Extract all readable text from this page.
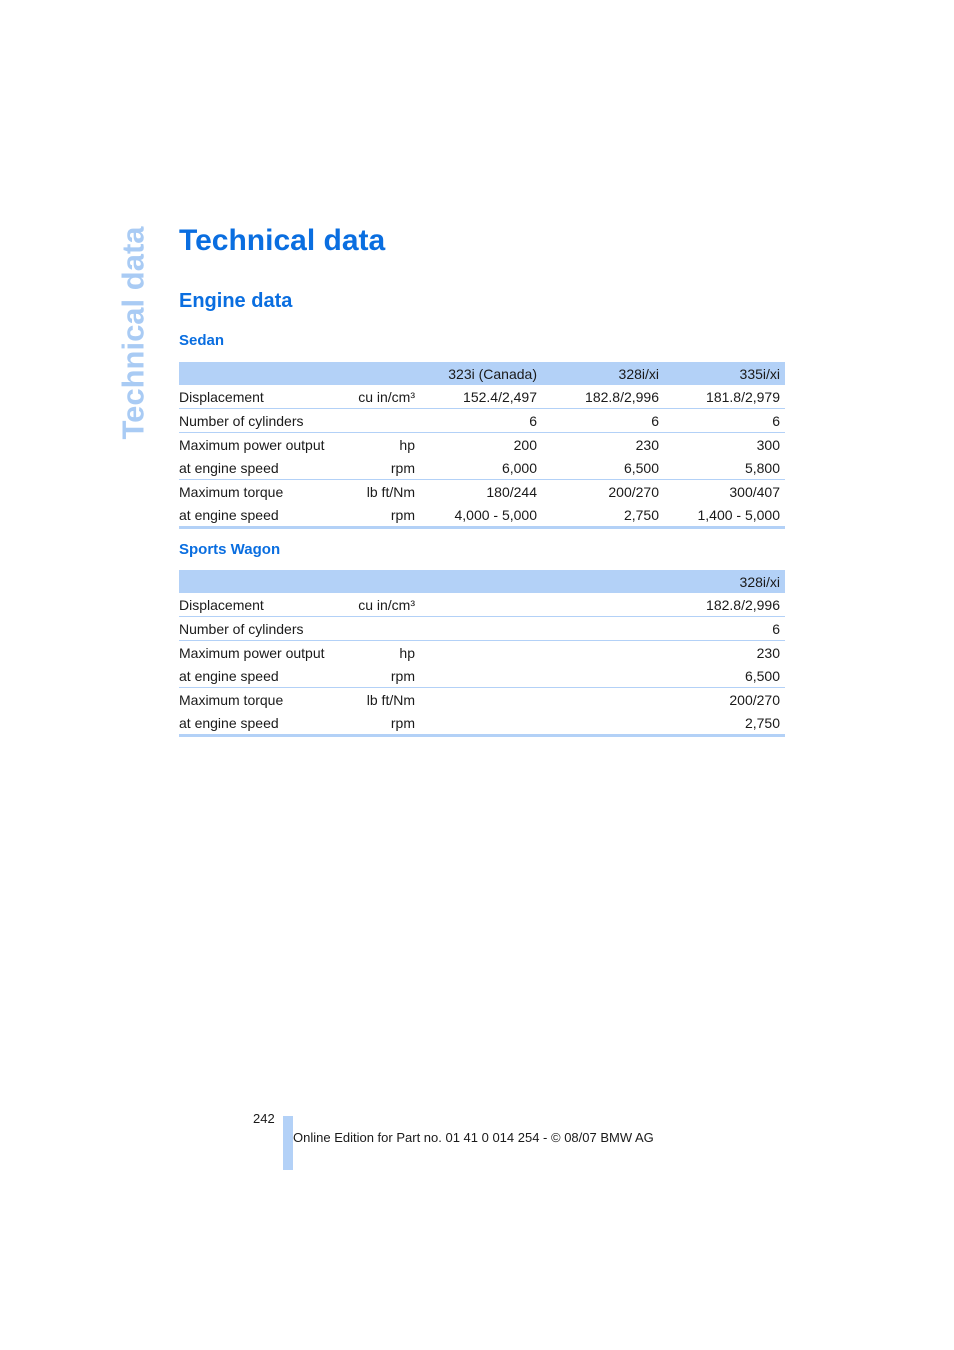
Technical data Technical data
Engine data
Sedan
		323i (Canada)	328i/xi	335i/xi
Displacement	cu in/cm³	152.4/2,497	182.8/2,996	181.8/2,979
Number of cylinders		6	6	6
Maximum power output	hp	200	230	300
at engine speed	rpm	6,000	6,500	5,800
Maximum torque	lb ft/Nm	180/244	200/270	300/407
at engine speed	rpm	4,000 - 5,000	2,750	1,400 - 5,000
Sports Wagon
		328i/xi
Displacement	cu in/cm³	182.8/2,996
Number of cylinders		6
Maximum power output	hp	230
at engine speed	rpm	6,500
Maximum torque	lb ft/Nm	200/270
at engine speed	rpm	2,750
242
Online Edition for Part no. 01 41 0 014 254 - © 08/07 BMW AG
